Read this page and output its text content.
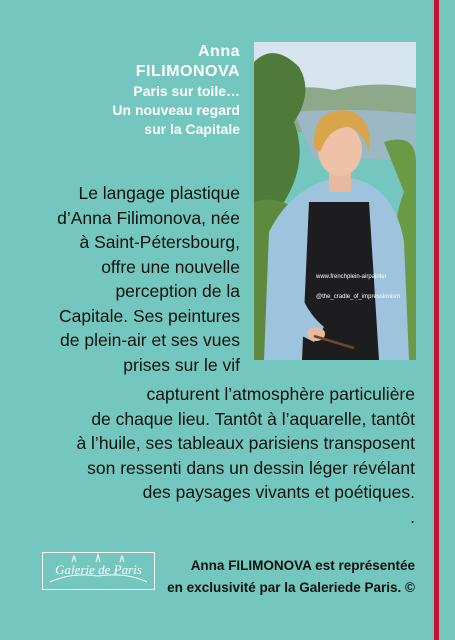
Anna
FILIMONOVA
Paris sur toile…
Un nouveau regard
sur la Capitale
www.frenchplein-airpainter
@the_cradle_of_impressionism
Le langage plastique
d’Anna Filimonova, née
à Saint-Pétersbourg,
offre une nouvelle
perception de la
Capitale. Ses peintures
de plein-air et ses vues
prises sur le vif
capturent l’atmosphère particulière
de chaque lieu. Tantôt à l’aquarelle, tantôt
à l’huile, ses tableaux parisiens transposent
son ressenti dans un dessin léger révélant
des paysages vivants et poétiques.
.
Galerie de Paris	Anna FILIMONOVA est représentée
en exclusivité par la Galeriede Paris. ©
